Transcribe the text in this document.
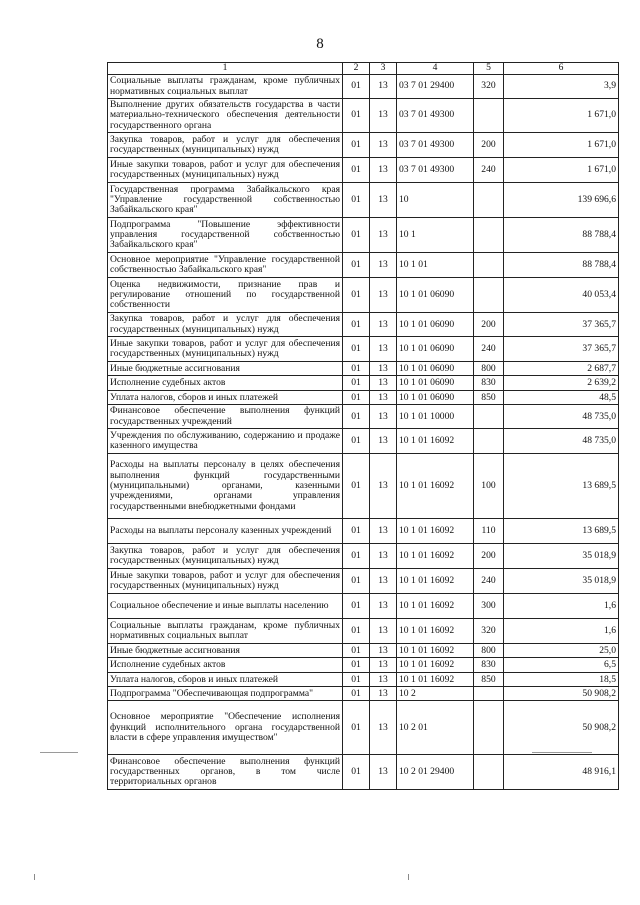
8
1	2	3	4	5	6
Социальные выплаты гражданам, кроме публичных нормативных социальных выплат	01	13	03 7 01 29400	320	3,9
Выполнение других обязательств государства в части материально-технического обеспечения деятельности государственного органа	01	13	03 7 01 49300		1 671,0
Закупка товаров, работ и услуг для обеспечения государственных (муниципальных) нужд	01	13	03 7 01 49300	200	1 671,0
Иные закупки товаров, работ и услуг для обеспечения государственных (муниципальных) нужд	01	13	03 7 01 49300	240	1 671,0
Государственная программа Забайкальского края "Управление государственной собственностью Забайкальского края"	01	13	10		139 696,6
Подпрограмма "Повышение эффективности управления государственной собственностью Забайкальского края"	01	13	10 1		88 788,4
Основное мероприятие "Управление государственной собственностью Забайкальского края"	01	13	10 1 01		88 788,4
Оценка недвижимости, признание прав и регулирование отношений по государственной собственности	01	13	10 1 01 06090		40 053,4
Закупка товаров, работ и услуг для обеспечения государственных (муниципальных) нужд	01	13	10 1 01 06090	200	37 365,7
Иные закупки товаров, работ и услуг для обеспечения государственных (муниципальных) нужд	01	13	10 1 01 06090	240	37 365,7
Иные бюджетные ассигнования	01	13	10 1 01 06090	800	2 687,7
Исполнение судебных актов	01	13	10 1 01 06090	830	2 639,2
Уплата налогов, сборов и иных платежей	01	13	10 1 01 06090	850	48,5
Финансовое обеспечение выполнения функций государственных учреждений	01	13	10 1 01 10000		48 735,0
Учреждения по обслуживанию, содержанию и продаже казенного имущества	01	13	10 1 01 16092		48 735,0
Расходы на выплаты персоналу в целях обеспечения выполнения функций государственными (муниципальными) органами, казенными учреждениями, органами управления государственными внебюджетными фондами	01	13	10 1 01 16092	100	13 689,5
Расходы на выплаты персоналу казенных учреждений	01	13	10 1 01 16092	110	13 689,5
Закупка товаров, работ и услуг для обеспечения государственных (муниципальных) нужд	01	13	10 1 01 16092	200	35 018,9
Иные закупки товаров, работ и услуг для обеспечения государственных (муниципальных) нужд	01	13	10 1 01 16092	240	35 018,9
Социальное обеспечение и иные выплаты населению	01	13	10 1 01 16092	300	1,6
Социальные выплаты гражданам, кроме публичных нормативных социальных выплат	01	13	10 1 01 16092	320	1,6
Иные бюджетные ассигнования	01	13	10 1 01 16092	800	25,0
Исполнение судебных актов	01	13	10 1 01 16092	830	6,5
Уплата налогов, сборов и иных платежей	01	13	10 1 01 16092	850	18,5
Подпрограмма "Обеспечивающая подпрограмма"	01	13	10 2		50 908,2
Основное мероприятие "Обеспечение исполнения функций исполнительного органа государственной власти в сфере управления имуществом"	01	13	10 2 01		50 908,2
Финансовое обеспечение выполнения функций государственных органов, в том числе территориальных органов	01	13	10 2 01 29400		48 916,1
